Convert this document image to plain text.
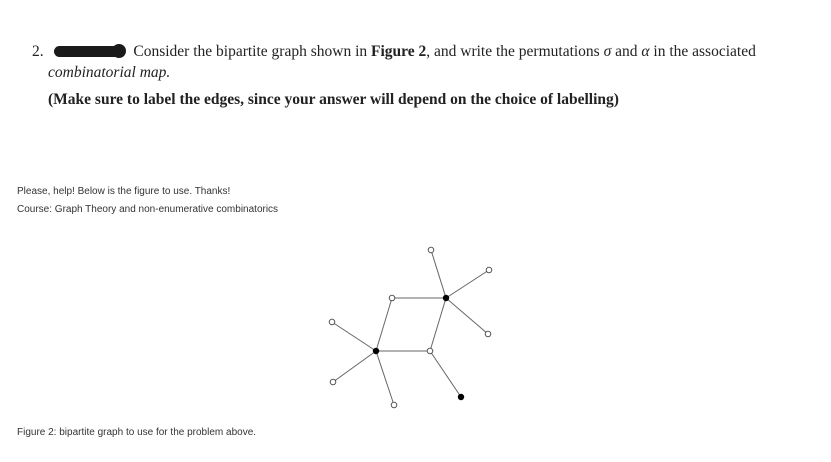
2.	Consider the bipartite graph shown in Figure 2, and write the permutations σ and α in the associated
combinatorial map.
(Make sure to label the edges, since your answer will depend on the choice of labelling)
Please, help! Below is the figure to use. Thanks!
Course: Graph Theory and non-enumerative combinatorics
Figure 2: bipartite graph to use for the problem above.
